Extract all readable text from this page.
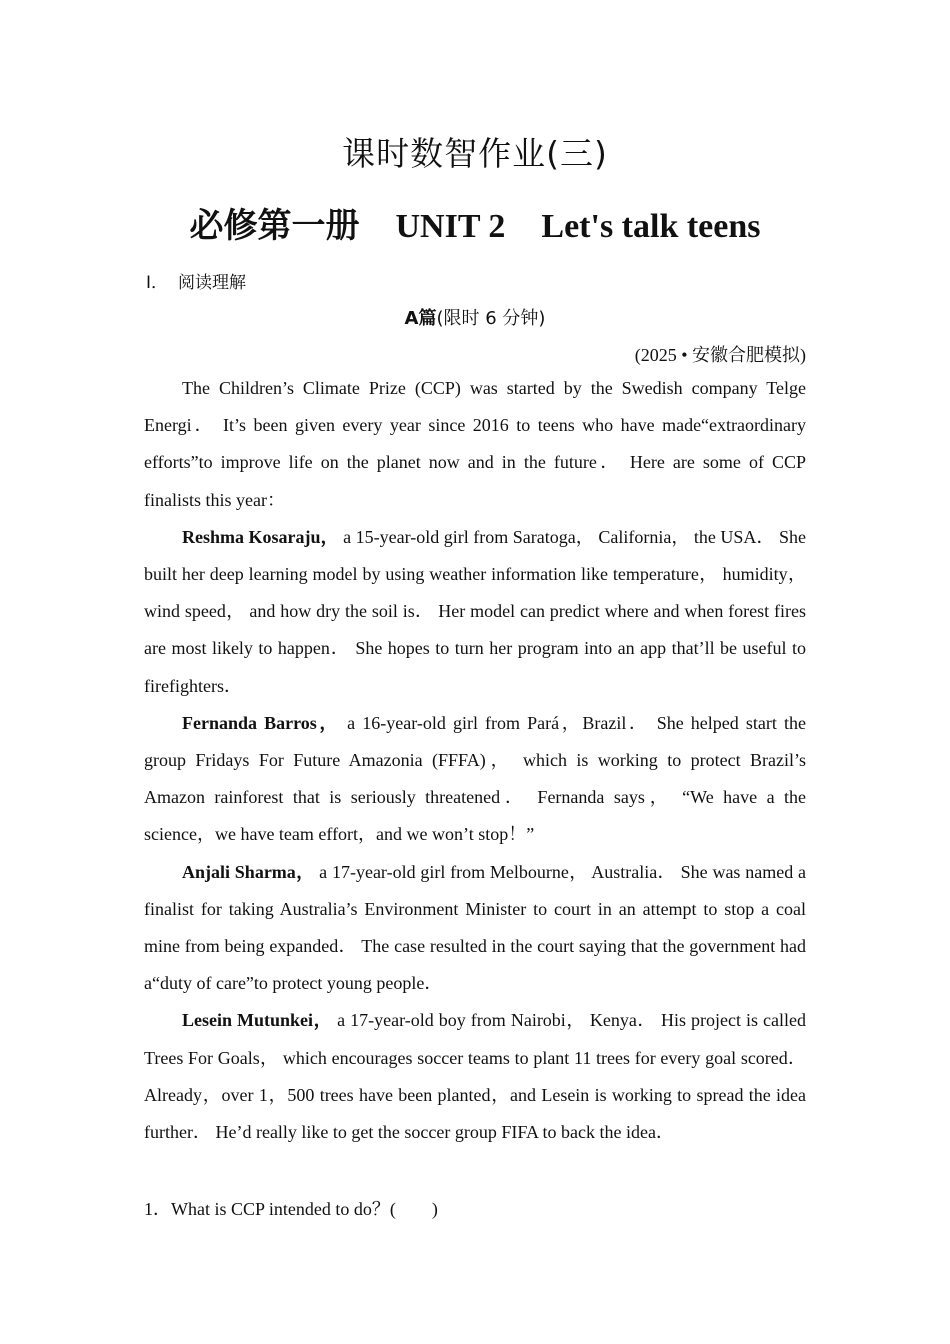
课时数智作业(三)
必修第一册 UNIT 2 Let's talk teens
Ⅰ． 阅读理解
A篇(限时 6 分钟)
(2025 • 安徽合肥模拟)

The Children’s Climate Prize (CCP) was started by the Swedish company Telge Energi． It’s been given every year since 2016 to teens who have made“extraordinary efforts”to improve life on the planet now and in the future． Here are some of CCP finalists this year：

Reshma Kosaraju， a 15-year-old girl from Saratoga， California， the USA． She built her deep learning model by using weather information like temperature， humidity， wind speed， and how dry the soil is． Her model can predict where and when forest fires are most likely to happen． She hopes to turn her program into an app that’ll be useful to firefighters．

Fernanda Barros， a 16-year-old girl from Pará，Brazil． She helped start the group Fridays For Future Amazonia (FFFA)， which is working to protect Brazil’s Amazon rainforest that is seriously threatened． Fernanda says， “We have a the science，we have team effort，and we won’t stop！”

Anjali Sharma， a 17-year-old girl from Melbourne， Australia． She was named a finalist for taking Australia’s Environment Minister to court in an attempt to stop a coal mine from being expanded． The case resulted in the court saying that the government had a“duty of care”to protect young people．

Lesein Mutunkei， a 17-year-old boy from Nairobi， Kenya． His project is called Trees For Goals， which encourages soccer teams to plant 11 trees for every goal scored． Already，over 1，500 trees have been planted，and Lesein is working to spread the idea further． He’d really like to get the soccer group FIFA to back the idea．

1．What is CCP intended to do？(　　)
